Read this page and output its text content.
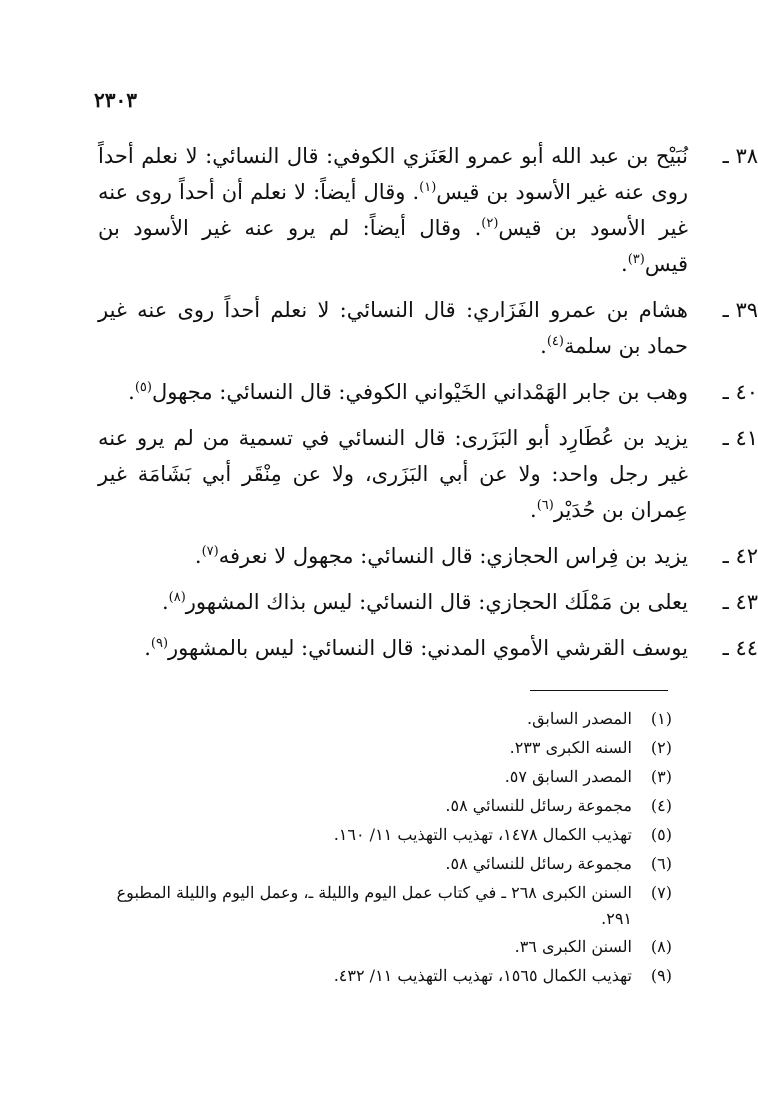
٢٣٠٣
٣٨ ـ
نُبَيْح بن عبد الله أبو عمرو العَنَزي الكوفي: قال النسائي: لا نعلم أحداً روى عنه غير الأسود بن قيس$^{(١)}$. وقال أيضاً: لا نعلم أن أحداً روى عنه غير الأسود بن قيس$^{(٢)}$. وقال أيضاً: لم يرو عنه غير الأسود بن قيس$^{(٣)}$.
٣٩ ـ
هشام بن عمرو الفَزَاري: قال النسائي: لا نعلم أحداً روى عنه غير حماد بن سلمة$^{(٤)}$.
٤٠ ـ
وهب بن جابر الهَمْداني الخَيْواني الكوفي: قال النسائي: مجهول$^{(٥)}$.
٤١ ـ
يزيد بن عُطَارِد أبو البَزَرى: قال النسائي في تسمية من لم يرو عنه غير رجل واحد: ولا عن أبي البَزَرى، ولا عن مِنْقَر أبي بَشَامَة غير عِمران بن حُدَيْر$^{(٦)}$.
٤٢ ـ
يزيد بن فِراس الحجازي: قال النسائي: مجهول لا نعرفه$^{(٧)}$.
٤٣ ـ
يعلى بن مَمْلَك الحجازي: قال النسائي: ليس بذاك المشهور$^{(٨)}$.
٤٤ ـ
يوسف القرشي الأموي المدني: قال النسائي: ليس بالمشهور$^{(٩)}$.
(١)
المصدر السابق.
(٢)
السنه الكبرى ٢٣٣.
(٣)
المصدر السابق ٥٧.
(٤)
مجموعة رسائل للنسائي ٥٨.
(٥)
تهذيب الكمال ١٤٧٨، تهذيب التهذيب ١١/ ١٦٠.
(٦)
مجموعة رسائل للنسائي ٥٨.
(٧)
السنن الكبرى ٢٦٨ ـ في كتاب عمل اليوم والليلة ـ، وعمل اليوم والليلة المطبوع ٢٩١.
(٨)
السنن الكبرى ٣٦.
(٩)
تهذيب الكمال ١٥٦٥، تهذيب التهذيب ١١/ ٤٣٢.
